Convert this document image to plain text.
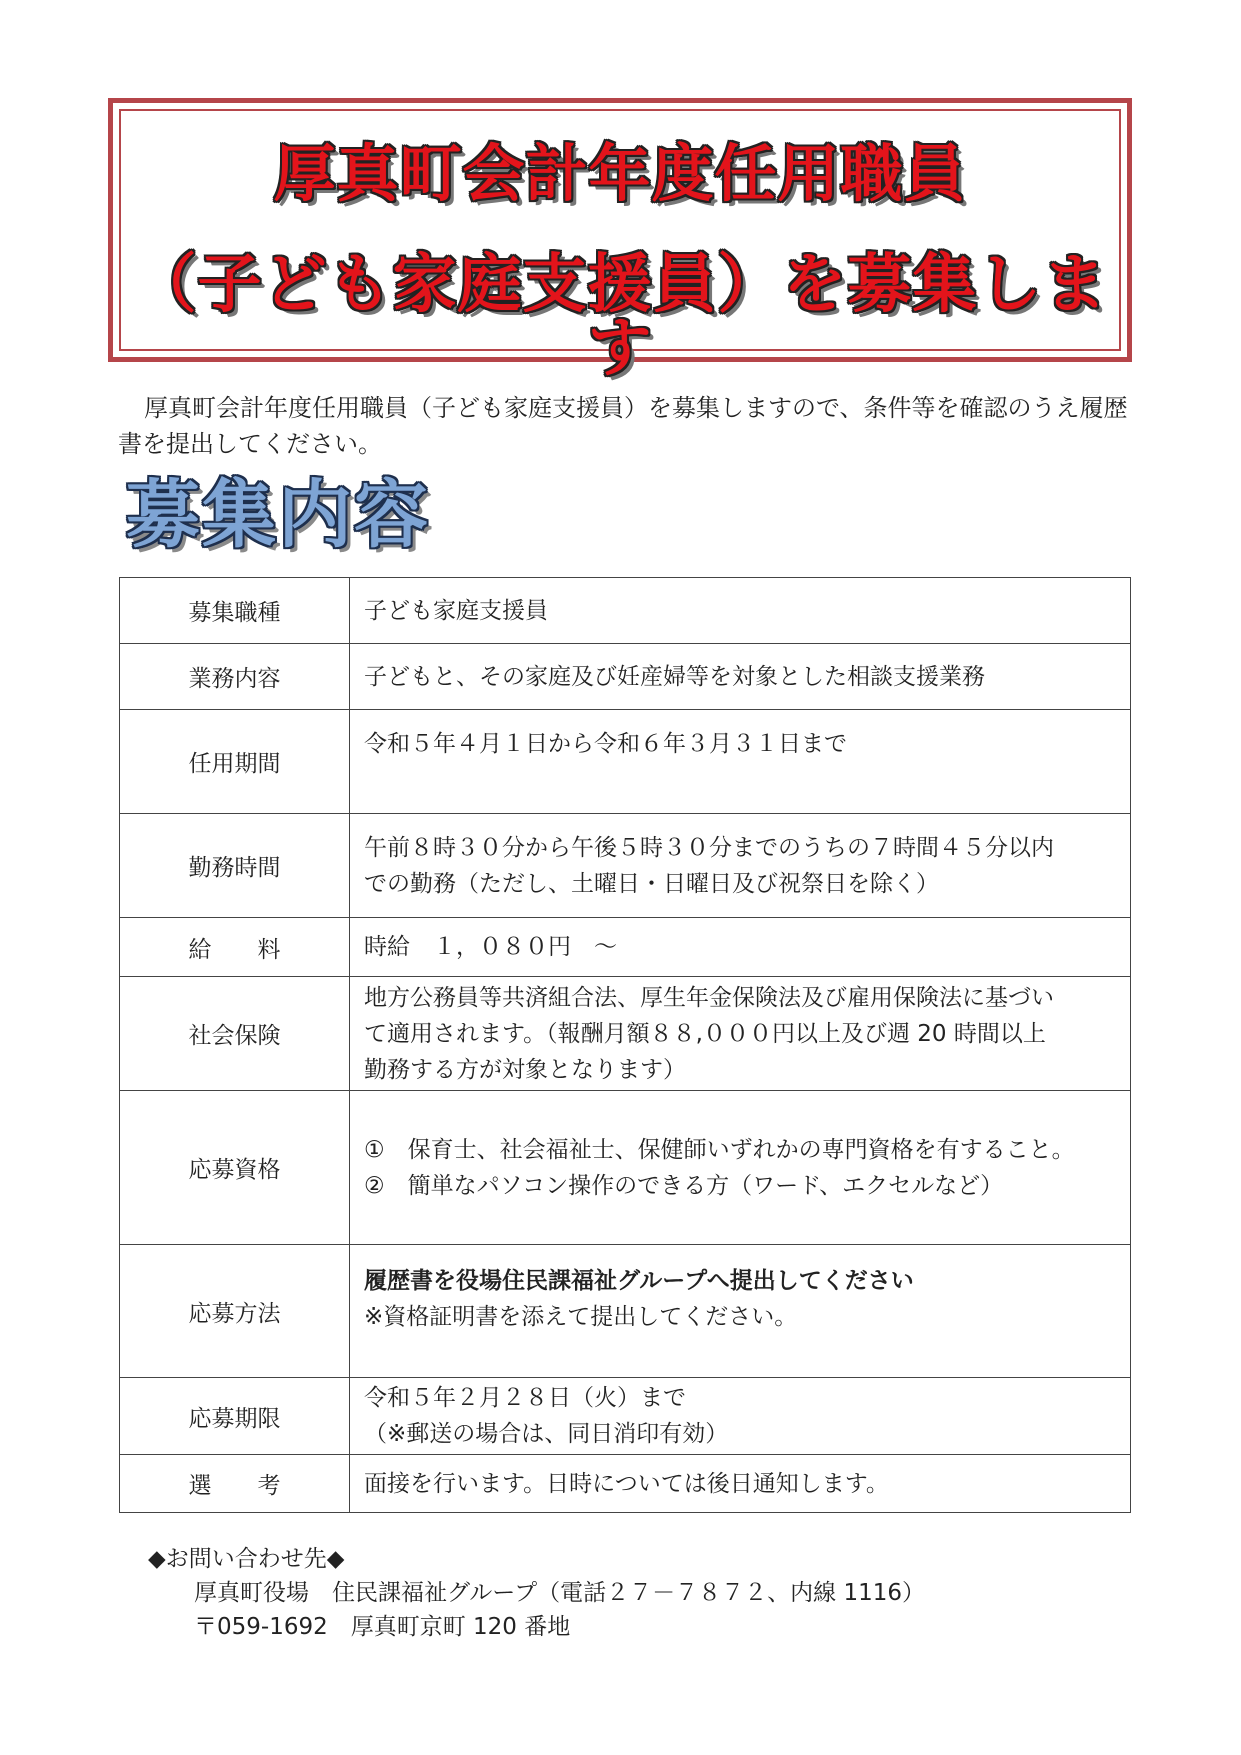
厚真町会計年度任用職員
（子ども家庭支援員）を募集します
厚真町会計年度任用職員（子ども家庭支援員）を募集しますので、条件等を確認のうえ履歴書を提出してください。
募集内容
募集職種	子ども家庭支援員

業務内容	子どもと、その家庭及び妊産婦等を対象とした相談支援業務

任用期間	令和５年４月１日から令和６年３月３１日まで

勤務時間	午前８時３０分から午後５時３０分までのうちの７時間４５分以内
での勤務（ただし、土曜日・日曜日及び祝祭日を除く）

給　　料	時給　１，０８０円　～

社会保険	地方公務員等共済組合法、厚生年金保険法及び雇用保険法に基づい
て適用されます。（報酬月額８８,０００円以上及び週 20 時間以上
勤務する方が対象となります）

応募資格	①　保育士、社会福祉士、保健師いずれかの専門資格を有すること。
②　簡単なパソコン操作のできる方（ワード、エクセルなど）

応募方法	履歴書を役場住民課福祉グループへ提出してください
※資格証明書を添えて提出してください。

応募期限	令和５年２月２８日（火）まで
（※郵送の場合は、同日消印有効）

選　　考	面接を行います。日時については後日通知します。
◆お問い合わせ先◆
厚真町役場　住民課福祉グループ（電話２７－７８７２、内線 1116）
〒059-1692　厚真町京町 120 番地
